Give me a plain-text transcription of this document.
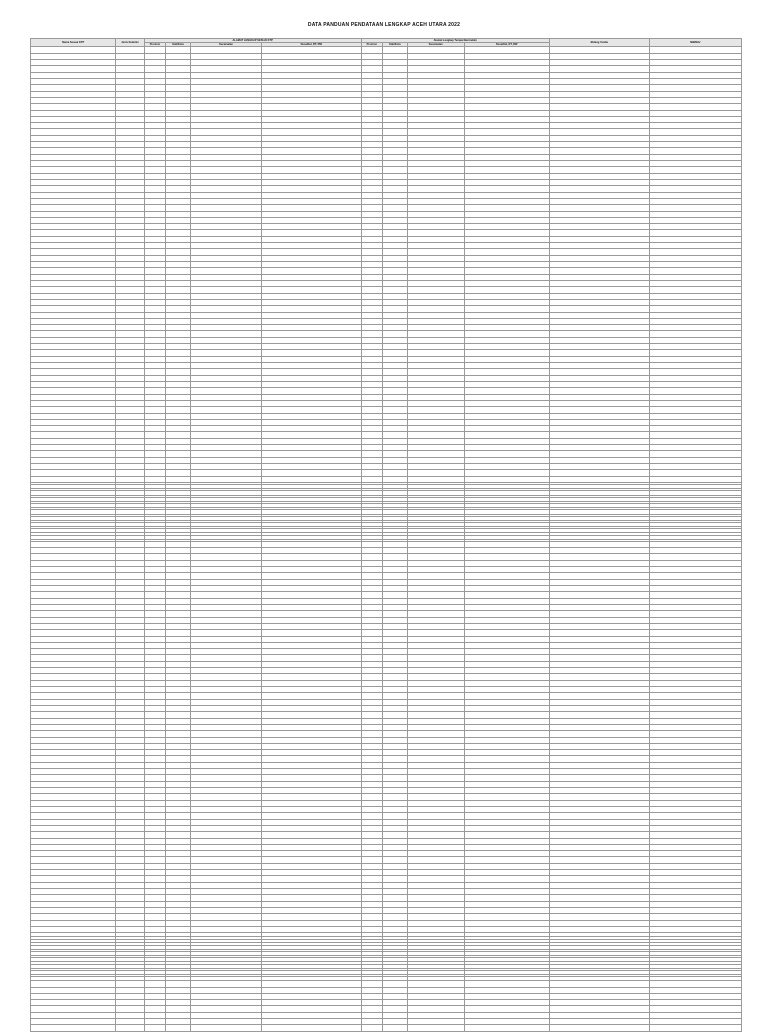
DATA PANDUAN PENDATAAN LENGKAP ACEH UTARA 2022
Nama Sesuai KTP	Jenis Kelamin	ALAMAT LENGKAP SESUAI KTP				Alamat Lengkap Tempat Bermukim				Bidang Usaha	NIB/Nib/
		Provinsi	Kab/Kota	Kecamatan	Desa/Kel, RT, RW	Provinsi	Kab/Kota	Kecamatan	Desa/Kel, RT, RW		
